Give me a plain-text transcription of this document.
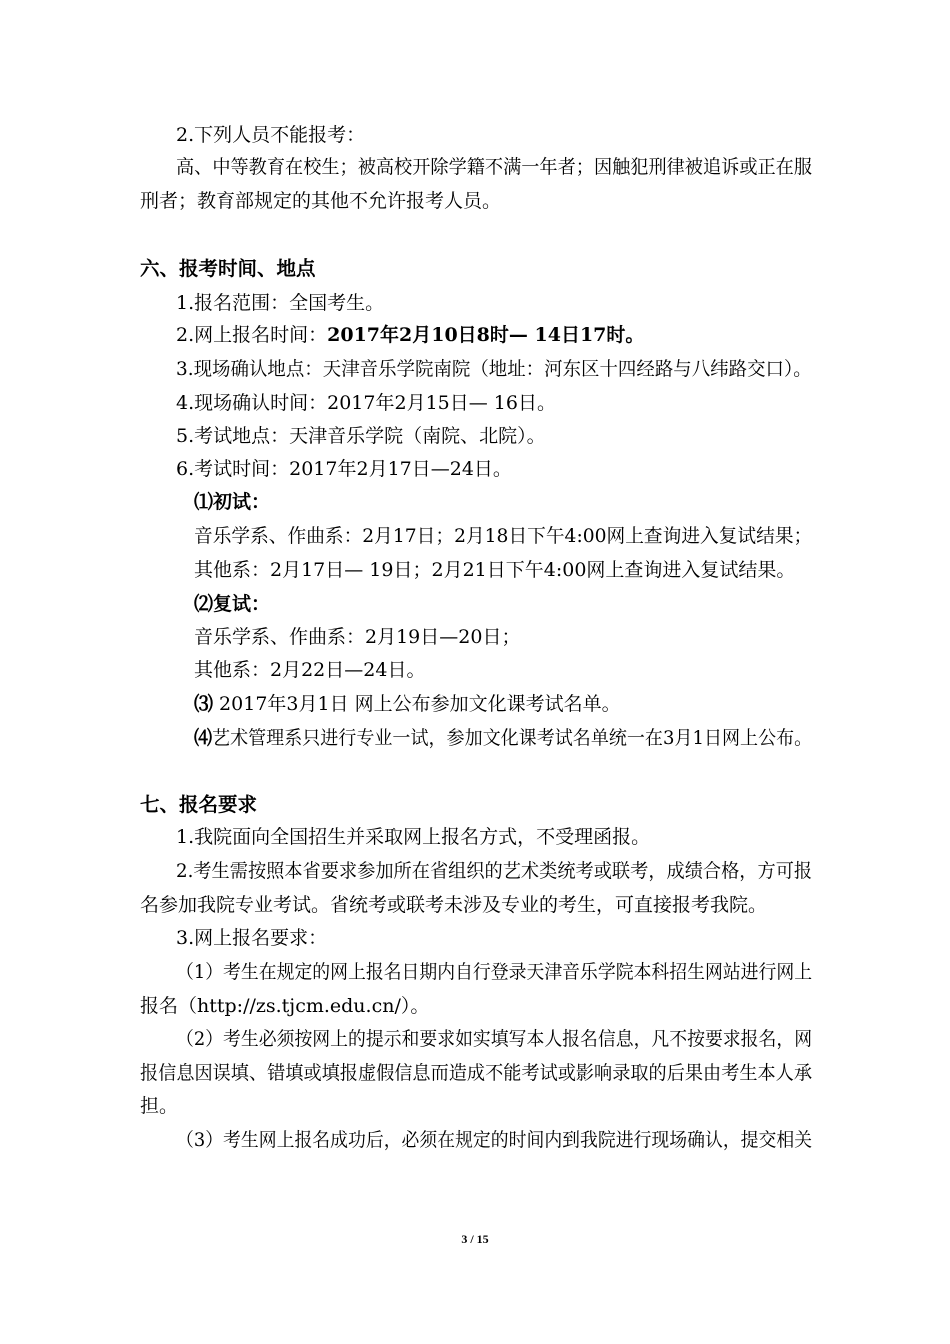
2.下列人员不能报考：
高、中等教育在校生；被高校开除学籍不满一年者；因触犯刑律被追诉或正在服
刑者；教育部规定的其他不允许报考人员。
六、报考时间、地点
1.报名范围：全国考生。
2.网上报名时间：2017年2月10日8时— 14日17时。
3.现场确认地点：天津音乐学院南院（地址：河东区十四经路与八纬路交口）。
4.现场确认时间：2017年2月15日— 16日。
5.考试地点：天津音乐学院（南院、北院）。
6.考试时间：2017年2月17日—24日。
⑴初试：
音乐学系、作曲系：2月17日；2月18日下午4:00网上查询进入复试结果；
其他系：2月17日— 19日；2月21日下午4:00网上查询进入复试结果。
⑵复试：
音乐学系、作曲系：2月19日—20日；
其他系：2月22日—24日。
⑶ 2017年3月1日 网上公布参加文化课考试名单。
⑷艺术管理系只进行专业一试，参加文化课考试名单统一在3月1日网上公布。
七、报名要求
1.我院面向全国招生并采取网上报名方式，不受理函报。
2.考生需按照本省要求参加所在省组织的艺术类统考或联考，成绩合格，方可报
名参加我院专业考试。省统考或联考未涉及专业的考生，可直接报考我院。
3.网上报名要求：
（1）考生在规定的网上报名日期内自行登录天津音乐学院本科招生网站进行网上
报名（http://zs.tjcm.edu.cn/）。
（2）考生必须按网上的提示和要求如实填写本人报名信息，凡不按要求报名，网
报信息因误填、错填或填报虚假信息而造成不能考试或影响录取的后果由考生本人承
担。
（3）考生网上报名成功后，必须在规定的时间内到我院进行现场确认，提交相关
3 / 15
